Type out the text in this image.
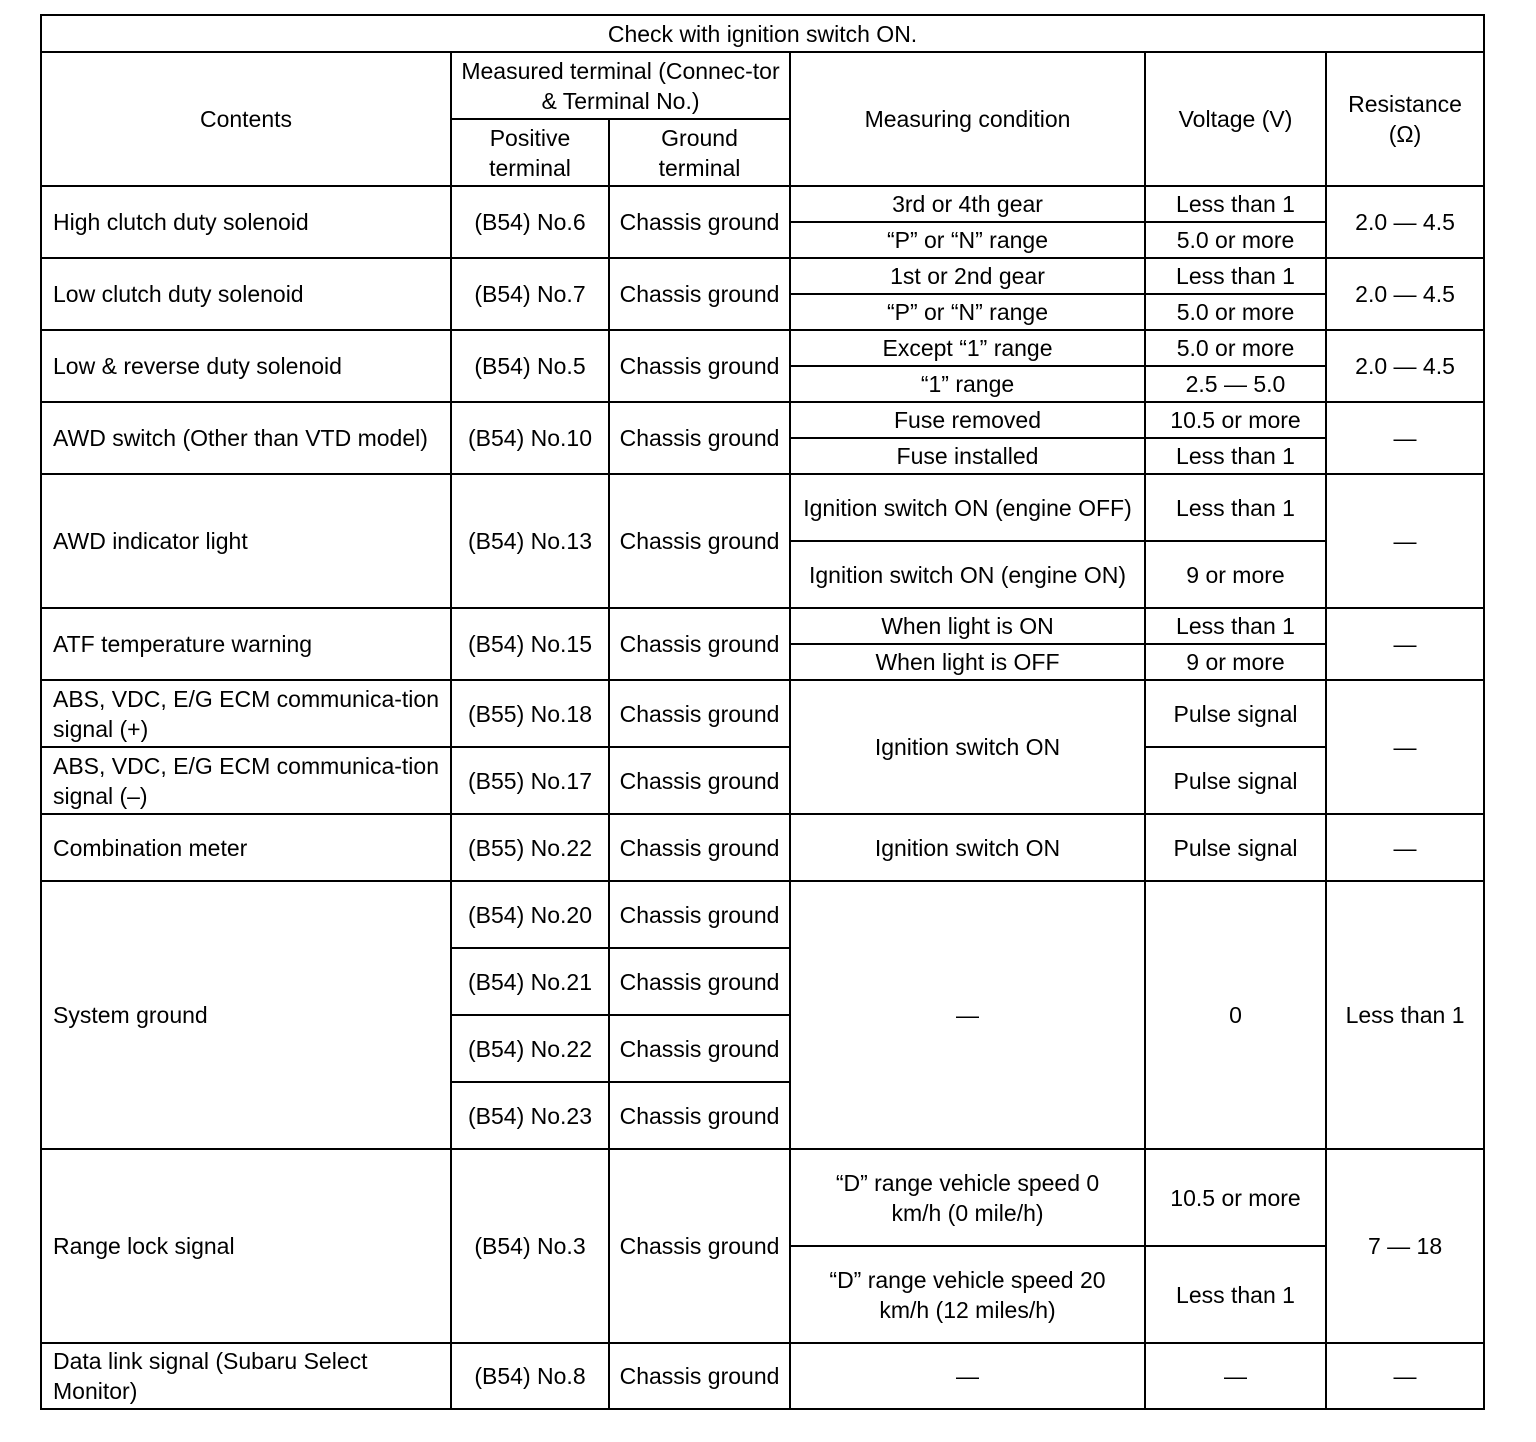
Check with ignition switch ON.					
Contents	Measured terminal (Connec-tor & Terminal No.)		Measuring condition	Voltage (V)	Resistance (Ω)
	Positive terminal	Ground terminal			
High clutch duty solenoid	(B54) No.6	Chassis ground	3rd or 4th gear	Less than 1	2.0 — 4.5
			“P” or “N” range	5.0 or more	
Low clutch duty solenoid	(B54) No.7	Chassis ground	1st or 2nd gear	Less than 1	2.0 — 4.5
			“P” or “N” range	5.0 or more	
Low & reverse duty solenoid	(B54) No.5	Chassis ground	Except “1” range	5.0 or more	2.0 — 4.5
			“1” range	2.5 — 5.0	
AWD switch (Other than VTD model)	(B54) No.10	Chassis ground	Fuse removed	10.5 or more	—
			Fuse installed	Less than 1	
AWD indicator light	(B54) No.13	Chassis ground	Ignition switch ON (engine OFF)	Less than 1	—
			Ignition switch ON (engine ON)	9 or more	
ATF temperature warning	(B54) No.15	Chassis ground	When light is ON	Less than 1	—
			When light is OFF	9 or more	
ABS, VDC, E/G ECM communica-tion signal (+)	(B55) No.18	Chassis ground	Ignition switch ON	Pulse signal	—
ABS, VDC, E/G ECM communica-tion signal (–)	(B55) No.17	Chassis ground		Pulse signal	
Combination meter	(B55) No.22	Chassis ground	Ignition switch ON	Pulse signal	—
System ground	(B54) No.20	Chassis ground	—	0	Less than 1
	(B54) No.21	Chassis ground			
	(B54) No.22	Chassis ground			
	(B54) No.23	Chassis ground			
Range lock signal	(B54) No.3	Chassis ground	“D” range vehicle speed 0 km/h (0 mile/h)	10.5 or more	7 — 18
			“D” range vehicle speed 20 km/h (12 miles/h)	Less than 1	
Data link signal (Subaru Select Monitor)	(B54) No.8	Chassis ground	—	—	—
